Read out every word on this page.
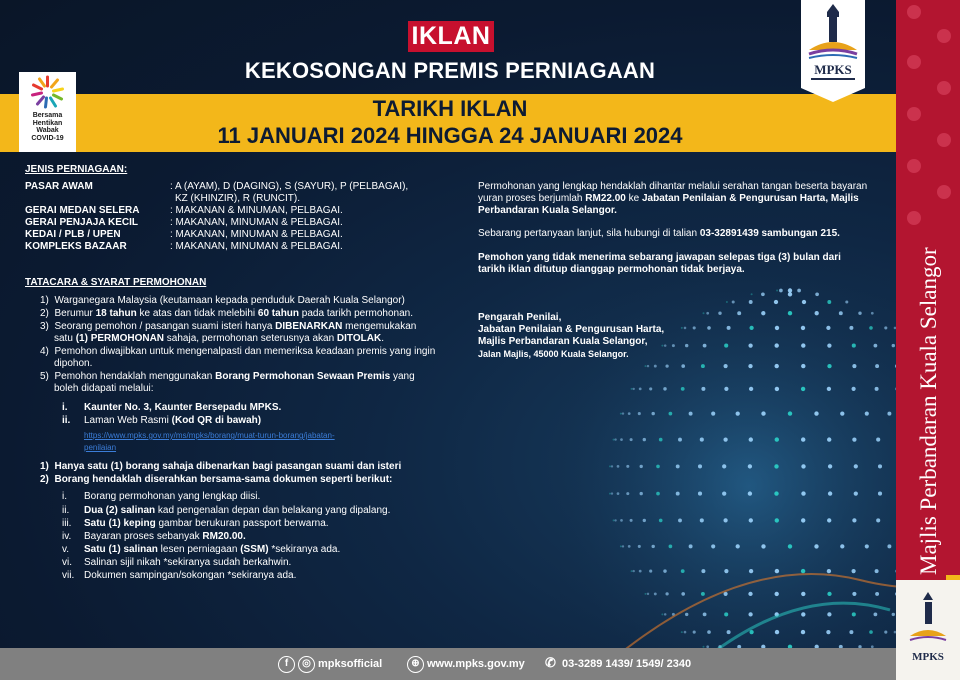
IKLAN
KEKOSONGAN PREMIS PERNIAGAAN
TARIKH IKLAN
11 JANUARI 2024 HINGGA 24 JANUARI 2024
Bersama
Hentikan
Wabak
COVID-19
MPKS
Majlis Perbandaran Kuala Selangor
MPKS
JENIS PERNIAGAAN:
PASAR AWAM	: A (AYAM), D (DAGING), S (SAYUR), P (PELBAGAI),
KZ (KHINZIR), R (RUNCIT).
GERAI MEDAN SELERA	: MAKANAN & MINUMAN, PELBAGAI.
GERAI PENJAJA KECIL	: MAKANAN, MINUMAN & PELBAGAI.
KEDAI / PLB / UPEN	: MAKANAN, MINUMAN & PELBAGAI.
KOMPLEKS BAZAAR	: MAKANAN, MINUMAN & PELBAGAI.
TATACARA & SYARAT PERMOHONAN
1) Warganegara Malaysia (keutamaan kepada penduduk Daerah Kuala Selangor)
2) Berumur 18 tahun ke atas dan tidak melebihi 60 tahun pada tarikh permohonan.
3) Seorang pemohon / pasangan suami isteri hanya DIBENARKAN mengemukakan
satu (1) PERMOHONAN sahaja, permohonan seterusnya akan DITOLAK.
4) Pemohon diwajibkan untuk mengenalpasti dan memeriksa keadaan premis yang ingin
dipohon.
5) Pemohon hendaklah menggunakan Borang Permohonan Sewaan Premis yang
boleh didapati melalui:
i. Kaunter No. 3, Kaunter Bersepadu MPKS.
ii. Laman Web Rasmi (Kod QR di bawah)
https://www.mpks.gov.my/ms/mpks/borang/muat-turun-borang/jabatan-
penilaian
1) Hanya satu (1) borang sahaja dibenarkan bagi pasangan suami dan isteri
2) Borang hendaklah diserahkan bersama-sama dokumen seperti berikut:
i. Borang permohonan yang lengkap diisi.
ii. Dua (2) salinan kad pengenalan depan dan belakang yang dipalang.
iii. Satu (1) keping gambar berukuran passport berwarna.
iv. Bayaran proses sebanyak RM20.00.
v. Satu (1) salinan lesen perniagaan (SSM) *sekiranya ada.
vi. Salinan sijil nikah *sekiranya sudah berkahwin.
vii. Dokumen sampingan/sokongan *sekiranya ada.
Permohonan yang lengkap hendaklah dihantar melalui serahan tangan beserta bayaran
yuran proses berjumlah RM22.00 ke Jabatan Penilaian & Pengurusan Harta, Majlis
Perbandaran Kuala Selangor.
Sebarang pertanyaan lanjut, sila hubungi di talian 03-32891439 sambungan 215.
Pemohon yang tidak menerima sebarang jawapan selepas tiga (3) bulan dari
tarikh iklan ditutup dianggap permohonan tidak berjaya.
Pengarah Penilai,
Jabatan Penilaian & Pengurusan Harta,
Majlis Perbandaran Kuala Selangor,
Jalan Majlis, 45000 Kuala Selangor.
f ◎ mpksofficial	⊕ www.mpks.gov.my ✆ 03-3289 1439/ 1549/ 2340
